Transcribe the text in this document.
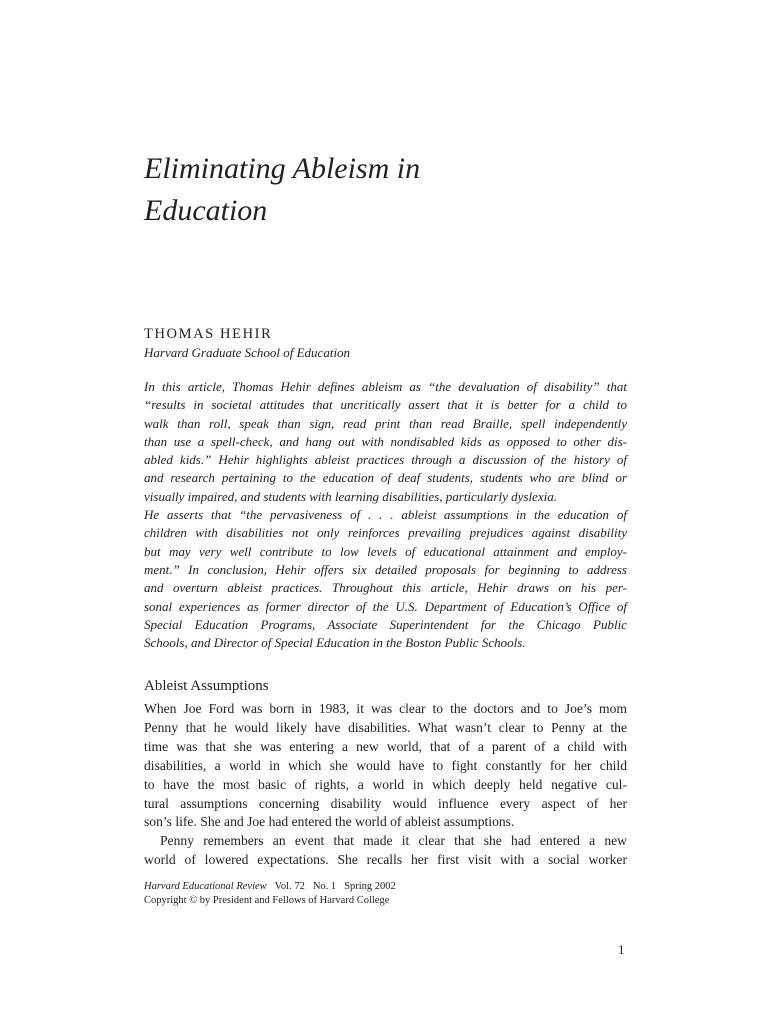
Eliminating Ableism in
Education
THOMAS HEHIR
Harvard Graduate School of Education
In this article, Thomas Hehir defines ableism as “the devaluation of disability” that
“results in societal attitudes that uncritically assert that it is better for a child to
walk than roll, speak than sign, read print than read Braille, spell independently
than use a spell-check, and hang out with nondisabled kids as opposed to other dis-
abled kids.” Hehir highlights ableist practices through a discussion of the history of
and research pertaining to the education of deaf students, students who are blind or
visually impaired, and students with learning disabilities, particularly dyslexia.
He asserts that “the pervasiveness of . . . ableist assumptions in the education of
children with disabilities not only reinforces prevailing prejudices against disability
but may very well contribute to low levels of educational attainment and employ-
ment.” In conclusion, Hehir offers six detailed proposals for beginning to address
and overturn ableist practices. Throughout this article, Hehir draws on his per-
sonal experiences as former director of the U.S. Department of Education’s Office of
Special Education Programs, Associate Superintendent for the Chicago Public
Schools, and Director of Special Education in the Boston Public Schools.
Ableist Assumptions
When Joe Ford was born in 1983, it was clear to the doctors and to Joe’s mom
Penny that he would likely have disabilities. What wasn’t clear to Penny at the
time was that she was entering a new world, that of a parent of a child with
disabilities, a world in which she would have to fight constantly for her child
to have the most basic of rights, a world in which deeply held negative cul-
tural assumptions concerning disability would influence every aspect of her
son’s life. She and Joe had entered the world of ableist assumptions.
Penny remembers an event that made it clear that she had entered a new
world of lowered expectations. She recalls her first visit with a social worker
Harvard Educational Review Vol. 72 No. 1 Spring 2002
Copyright © by President and Fellows of Harvard College
1
